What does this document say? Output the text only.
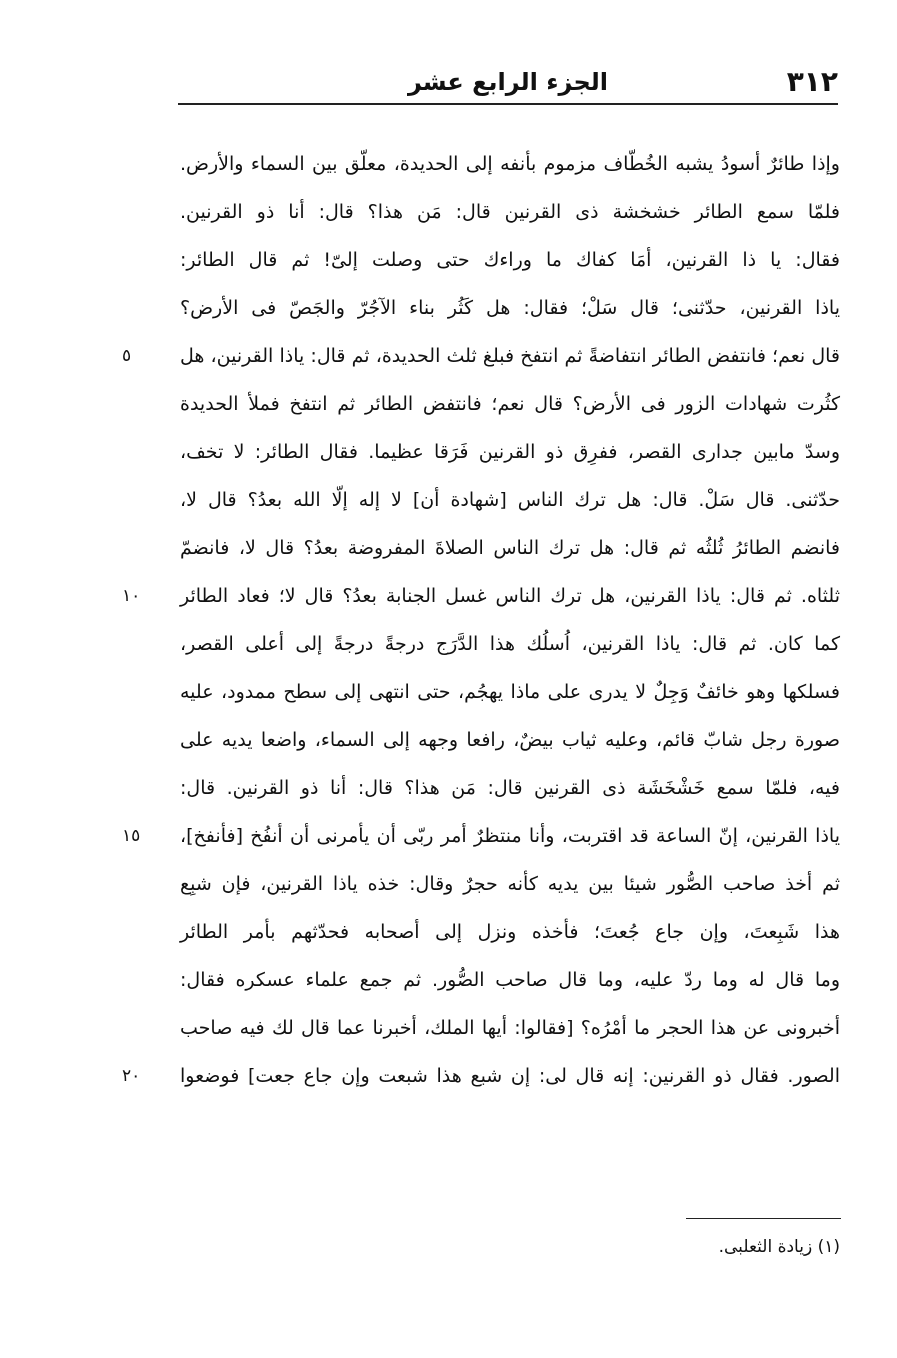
٣١٢
الجزء الرابع عشر
وإذا طائرٌ أسودُ يشبه الخُطّاف مزموم بأنفه إلى الحديدة، معلّق بين السماء والأرض.
فلمّا سمع الطائر خشخشة ذى القرنين قال: مَن هذا؟ قال: أنا ذو القرنين.
فقال: يا ذا القرنين، أمَا كفاك ما وراءك حتى وصلت إلىّ! ثم قال الطائر:
ياذا القرنين، حدّثنى؛ قال سَلْ؛ فقال: هل كَثُر بناء الآجُرّ والجَصّ فى الأرض؟
قال نعم؛ فانتفض الطائر انتفاضةً ثم انتفخ فبلغ ثلث الحديدة، ثم قال: ياذا القرنين، هل
٥
كثُرت شهادات الزور فى الأرض؟ قال نعم؛ فانتفض الطائر ثم انتفخ فملأ الحديدة
وسدّ مابين جدارى القصر، ففرِق ذو القرنين فَرَقا عظيما. فقال الطائر: لا تخف،
حدّثنى. قال سَلْ. قال: هل ترك الناس [شهادة أن] لا إله إلّا الله بعدُ؟ قال لا،
فانضم الطائرُ ثُلثُه ثم قال: هل ترك الناس الصلاةَ المفروضة بعدُ؟ قال لا، فانضمّ
ثلثاه. ثم قال: ياذا القرنين، هل ترك الناس غسل الجنابة بعدُ؟ قال لا؛ فعاد الطائر
١٠
كما كان. ثم قال: ياذا القرنين، اُسلُك هذا الدَّرَج درجةً درجةً إلى أعلى القصر،
فسلكها وهو خائفٌ وَجِلٌ لا يدرى على ماذا يهجُم، حتى انتهى إلى سطح ممدود، عليه
صورة رجل شابّ قائم، وعليه ثياب بيضٌ، رافعا وجهه إلى السماء، واضعا يديه على
فيه، فلمّا سمع خَشْخَشَة ذى القرنين قال: مَن هذا؟ قال: أنا ذو القرنين. قال:
ياذا القرنين، إنّ الساعة قد اقتربت، وأنا منتظرٌ أمر ربّى أن يأمرنى أن أنفُخ [فأنفخ]،
١٥
ثم أخذ صاحب الصُّور شيئا بين يديه كأنه حجرٌ وقال: خذه ياذا القرنين، فإن شبِع
هذا شَبِعتَ، وإن جاع جُعتَ؛ فأخذه ونزل إلى أصحابه فحدّثهم بأمر الطائر
وما قال له وما ردّ عليه، وما قال صاحب الصُّور. ثم جمع علماء عسكره فقال:
أخبرونى عن هذا الحجر ما أمْرُه؟ [فقالوا: أيها الملك، أخبرنا عما قال لك فيه صاحب
الصور. فقال ذو القرنين: إنه قال لى: إن شبع هذا شبعت وإن جاع جعت] فوضعوا
٢٠
(١) زيادة الثعلبى.
